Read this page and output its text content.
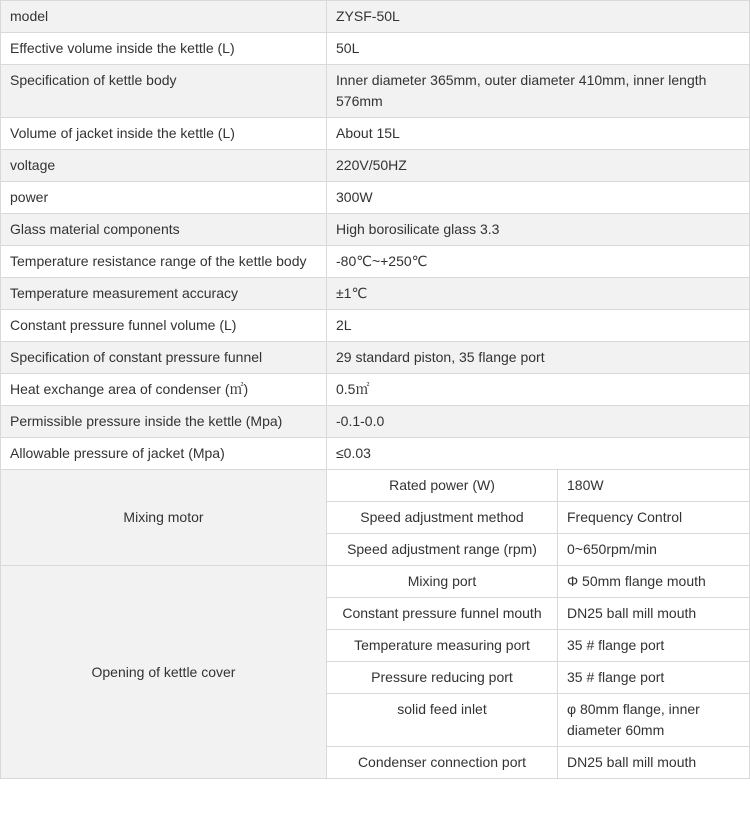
model	ZYSF-50L	
Effective volume inside the kettle (L)	50L	
Specification of kettle body	Inner diameter 365mm, outer diameter 410mm, inner length 576mm	
Volume of jacket inside the kettle (L)	About 15L	
voltage	220V/50HZ	
power	300W	
Glass material components	High borosilicate glass 3.3	
Temperature resistance range of the kettle body	-80℃~+250℃	
Temperature measurement accuracy	±1℃	
Constant pressure funnel volume (L)	2L	
Specification of constant pressure funnel	29 standard piston, 35 flange port	
Heat exchange area of condenser (㎡)	0.5㎡	
Permissible pressure inside the kettle (Mpa)	-0.1-0.0	
Allowable pressure of jacket (Mpa)	≤0.03	
Mixing motor	Rated power (W)	180W
	Speed adjustment method	Frequency Control
	Speed adjustment range (rpm)	0~650rpm/min
Opening of kettle cover	Mixing port	Φ 50mm flange mouth
	Constant pressure funnel mouth	DN25 ball mill mouth
	Temperature measuring port	35 # flange port
	Pressure reducing port	35 # flange port
	solid feed inlet	φ 80mm flange, inner diameter 60mm
	Condenser connection port	DN25 ball mill mouth
